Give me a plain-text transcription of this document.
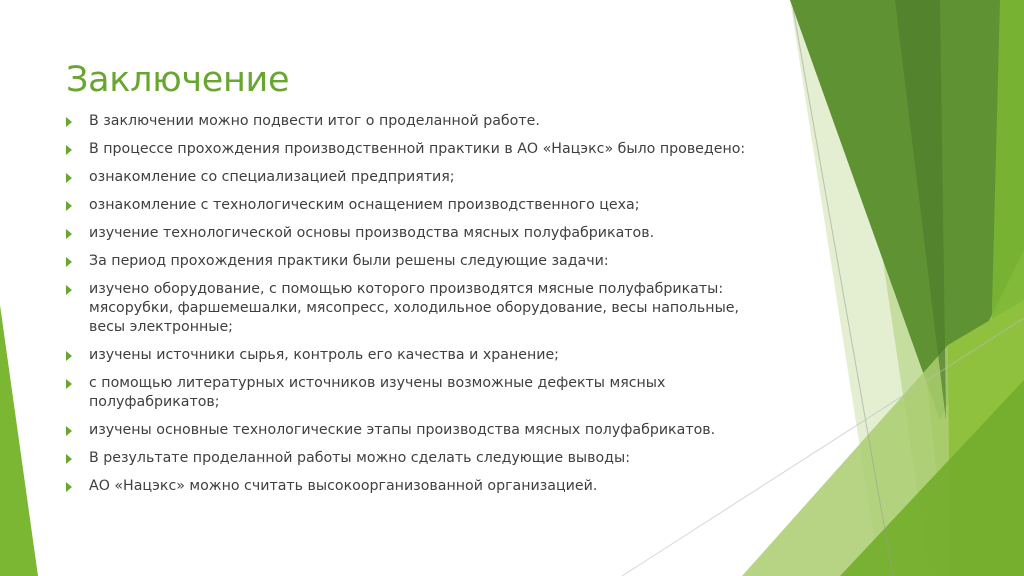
Заключение
В заключении можно подвести итог о проделанной работе.
В процессе прохождения производственной практики в АО «Нацэкс» было проведено:
ознакомление со специализацией предприятия;
ознакомление с технологическим оснащением производственного цеха;
изучение технологической основы производства мясных полуфабрикатов.
За период прохождения практики были решены следующие задачи:
изучено оборудование, с помощью которого производятся мясные полуфабрикаты: мясорубки, фаршемешалки, мясопресс, холодильное оборудование, весы напольные, весы электронные;
изучены источники сырья, контроль его качества и хранение;
с помощью литературных источников изучены возможные дефекты мясных полуфабрикатов;
изучены основные технологические этапы производства мясных полуфабрикатов.
В результате проделанной работы можно сделать следующие выводы:
АО «Нацэкс» можно считать высокоорганизованной организацией.
